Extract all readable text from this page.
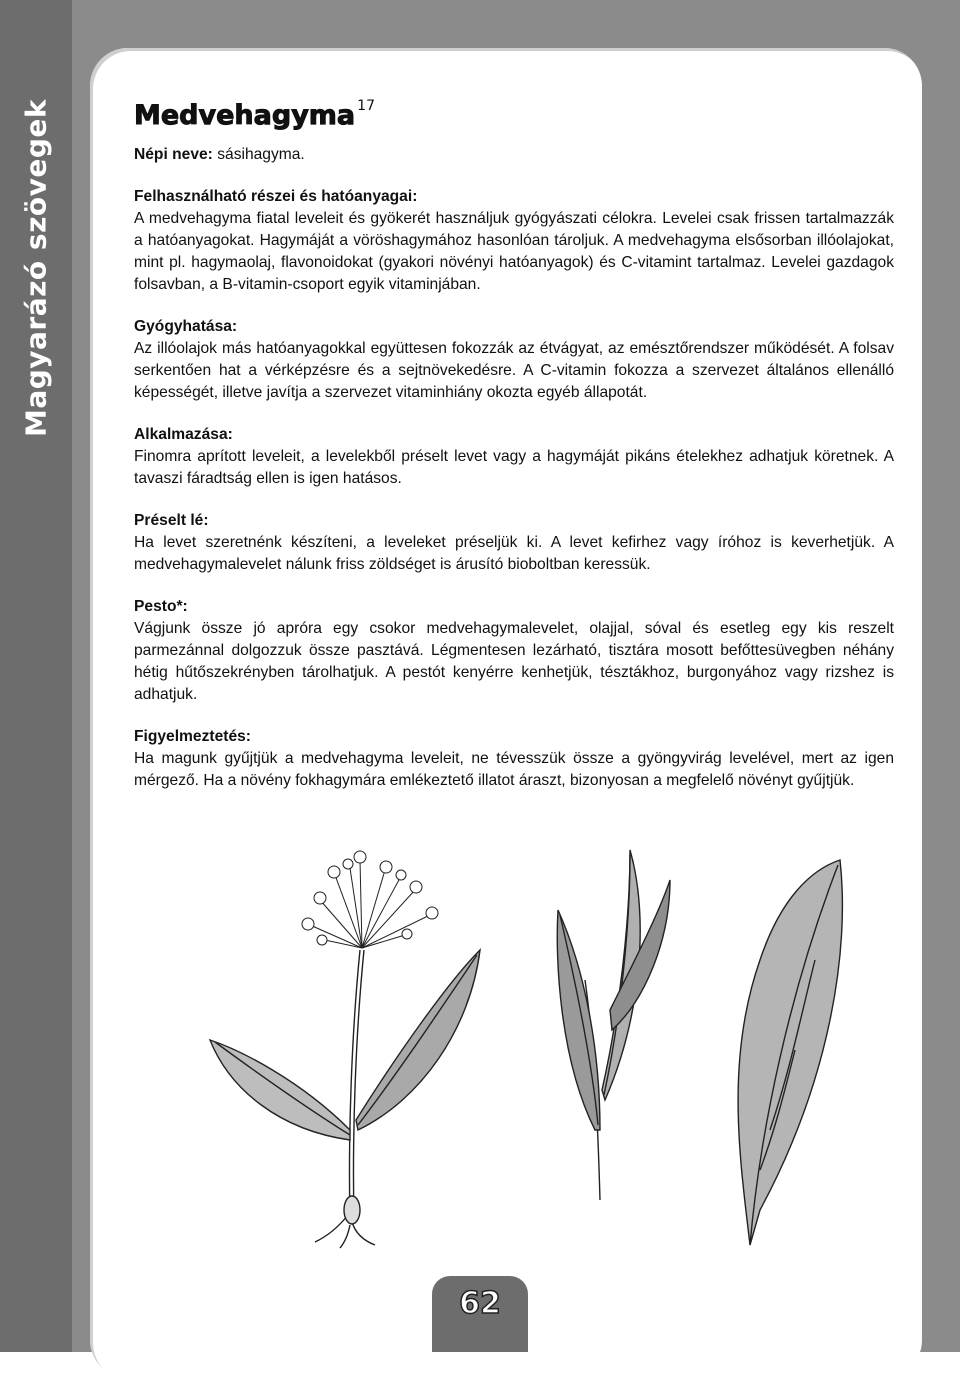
Magyarázó szövegek	Medvehagyma $^{17}$
Népi neve: sásihagyma.
Felhasználható részei és hatóanyagai:
A medvehagyma fiatal leveleit és gyökerét használjuk gyógyászati célokra. Levelei csak frissen tartalmazzák a hatóanyagokat. Hagymáját a vöröshagymához hasonlóan tároljuk. A medvehagyma elsősorban illóolajokat, mint pl. hagymaolaj, flavonoidokat (gyakori növényi hatóanyagok) és C-vitamint tartalmaz. Levelei gazdagok folsavban, a B-vitamin-csoport egyik vitaminjában.
Gyógyhatása:
Az illóolajok más hatóanyagokkal együttesen fokozzák az étvágyat, az emésztőrendszer működését. A folsav serkentően hat a vérképzésre és a sejtnövekedésre. A C-vitamin fokozza a szervezet általános ellenálló képességét, illetve javítja a szervezet vitaminhiány okozta egyéb állapotát.
Alkalmazása:
Finomra aprított leveleit, a levelekből préselt levet vagy a hagymáját pikáns ételekhez adhatjuk köretnek. A tavaszi fáradtság ellen is igen hatásos.
Préselt lé:
Ha levet szeretnénk készíteni, a leveleket préseljük ki. A levet kefirhez vagy íróhoz is keverhetjük. A medvehagymalevelet nálunk friss zöldséget is árusító bioboltban keressük.
Pesto*:
Vágjunk össze jó apróra egy csokor medvehagymalevelet, olajjal, sóval és esetleg egy kis reszelt parmezánnal dolgozzuk össze pasztává. Légmentesen lezárható, tisztára mosott befőttesüvegben néhány hétig hűtőszekrényben tárolhatjuk. A pestót kenyérre kenhetjük, tésztákhoz, burgonyához vagy rizshez is adhatjuk.
Figyelmeztetés:
Ha magunk gyűjtjük a medvehagyma leveleit, ne tévesszük össze a gyöngyvirág levelével, mert az igen mérgező. Ha a növény fokhagymára emlékeztető illatot áraszt, bizonyosan a megfelelő növényt gyűjtjük.
62
